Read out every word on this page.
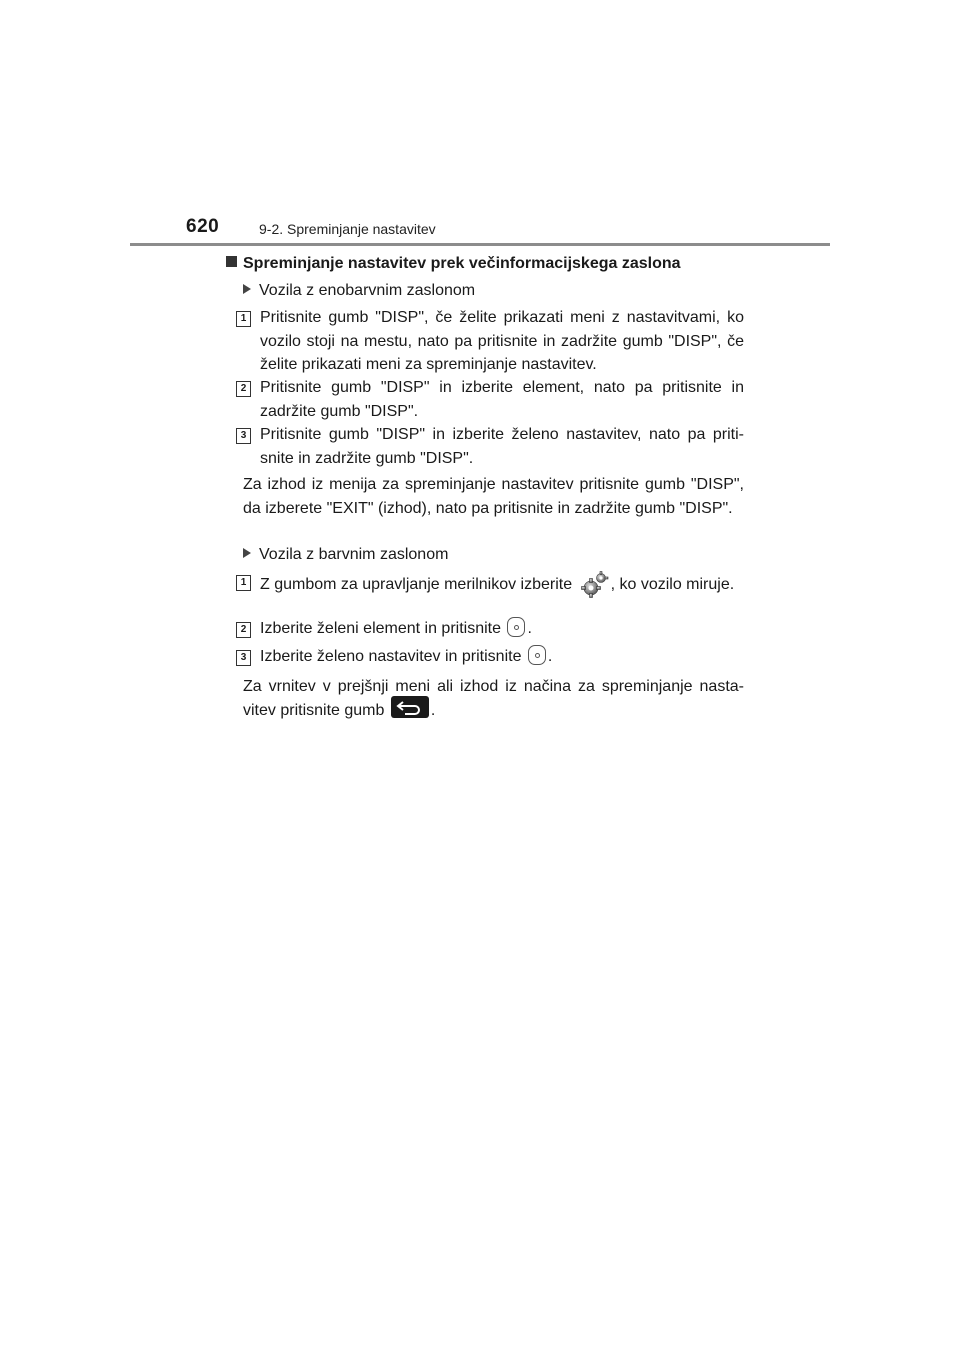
620	9-2. Spreminjanje nastavitev
Spreminjanje nastavitev prek večinformacijskega zaslona
Vozila z enobarvnim zaslonom
1 Pritisnite gumb "DISP", če želite prikazati meni z nastavitvami, ko vozilo stoji na mestu, nato pa pritisnite in zadržite gumb "DISP", če želite prikazati meni za spreminjanje nastavitev.

2 Pritisnite gumb "DISP" in izberite element, nato pa pritisnite in zadržite gumb "DISP".

3 Pritisnite gumb "DISP" in izberite želeno nastavitev, nato pa priti-snite in zadržite gumb "DISP".

Za izhod iz menija za spreminjanje nastavitev pritisnite gumb "DISP", da izberete "EXIT" (izhod), nato pa pritisnite in zadržite gumb "DISP".

Vozila z barvnim zaslonom
1 Z gumbom za upravljanje merilnikov izberite , ko vozilo miruje.

2 Izberite želeni element in pritisnite .

3 Izberite želeno nastavitev in pritisnite .

Za vrnitev v prejšnji meni ali izhod iz načina za spreminjanje nasta-vitev pritisnite gumb	.
